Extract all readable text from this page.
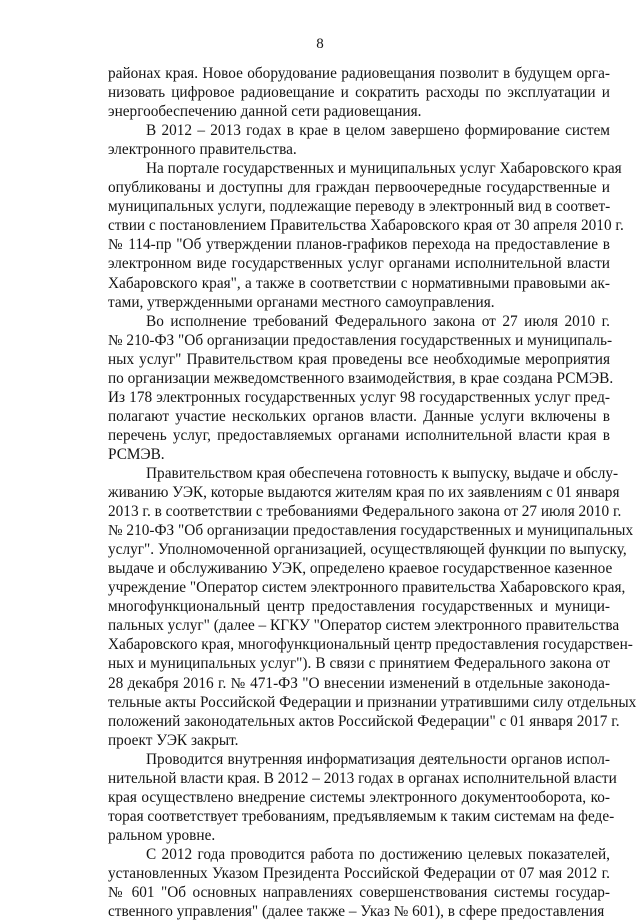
8
районах края. Новое оборудование радиовещания позволит в будущем орга-
низовать цифровое радиовещание и сократить расходы по эксплуатации и
энергообеспечению данной сети радиовещания.
В 2012 – 2013 годах в крае в целом завершено формирование систем
электронного правительства.
На портале государственных и муниципальных услуг Хабаровского края
опубликованы и доступны для граждан первоочередные государственные и
муниципальных услуги, подлежащие переводу в электронный вид в соответ-
ствии с постановлением Правительства Хабаровского края от 30 апреля 2010 г.
№ 114-пр "Об утверждении планов-графиков перехода на предоставление в
электронном виде государственных услуг органами исполнительной власти
Хабаровского края", а также в соответствии с нормативными правовыми ак-
тами, утвержденными органами местного самоуправления.
Во исполнение требований Федерального закона от 27 июля 2010 г.
№ 210-ФЗ "Об организации предоставления государственных и муниципаль-
ных услуг" Правительством края проведены все необходимые мероприятия
по организации межведомственного взаимодействия, в крае создана РСМЭВ.
Из 178 электронных государственных услуг 98 государственных услуг пред-
полагают участие нескольких органов власти. Данные услуги включены в
перечень услуг, предоставляемых органами исполнительной власти края в
РСМЭВ.
Правительством края обеспечена готовность к выпуску, выдаче и обслу-
живанию УЭК, которые выдаются жителям края по их заявлениям с 01 января
2013 г. в соответствии с требованиями Федерального закона от 27 июля 2010 г.
№ 210-ФЗ "Об организации предоставления государственных и муниципальных
услуг". Уполномоченной организацией, осуществляющей функции по выпуску,
выдаче и обслуживанию УЭК, определено краевое государственное казенное
учреждение "Оператор систем электронного правительства Хабаровского края,
многофункциональный центр предоставления государственных и муници-
пальных услуг" (далее – КГКУ "Оператор систем электронного правительства
Хабаровского края, многофункциональный центр предоставления государствен-
ных и муниципальных услуг"). В связи с принятием Федерального закона от
28 декабря 2016 г. № 471-ФЗ "О внесении изменений в отдельные законода-
тельные акты Российской Федерации и признании утратившими силу отдельных
положений законодательных актов Российской Федерации" с 01 января 2017 г.
проект УЭК закрыт.
Проводится внутренняя информатизация деятельности органов испол-
нительной власти края. В 2012 – 2013 годах в органах исполнительной власти
края осуществлено внедрение системы электронного документооборота, ко-
торая соответствует требованиям, предъявляемым к таким системам на феде-
ральном уровне.
С 2012 года проводится работа по достижению целевых показателей,
установленных Указом Президента Российской Федерации от 07 мая 2012 г.
№ 601 "Об основных направлениях совершенствования системы государ-
ственного управления" (далее также – Указ № 601), в сфере предоставления
